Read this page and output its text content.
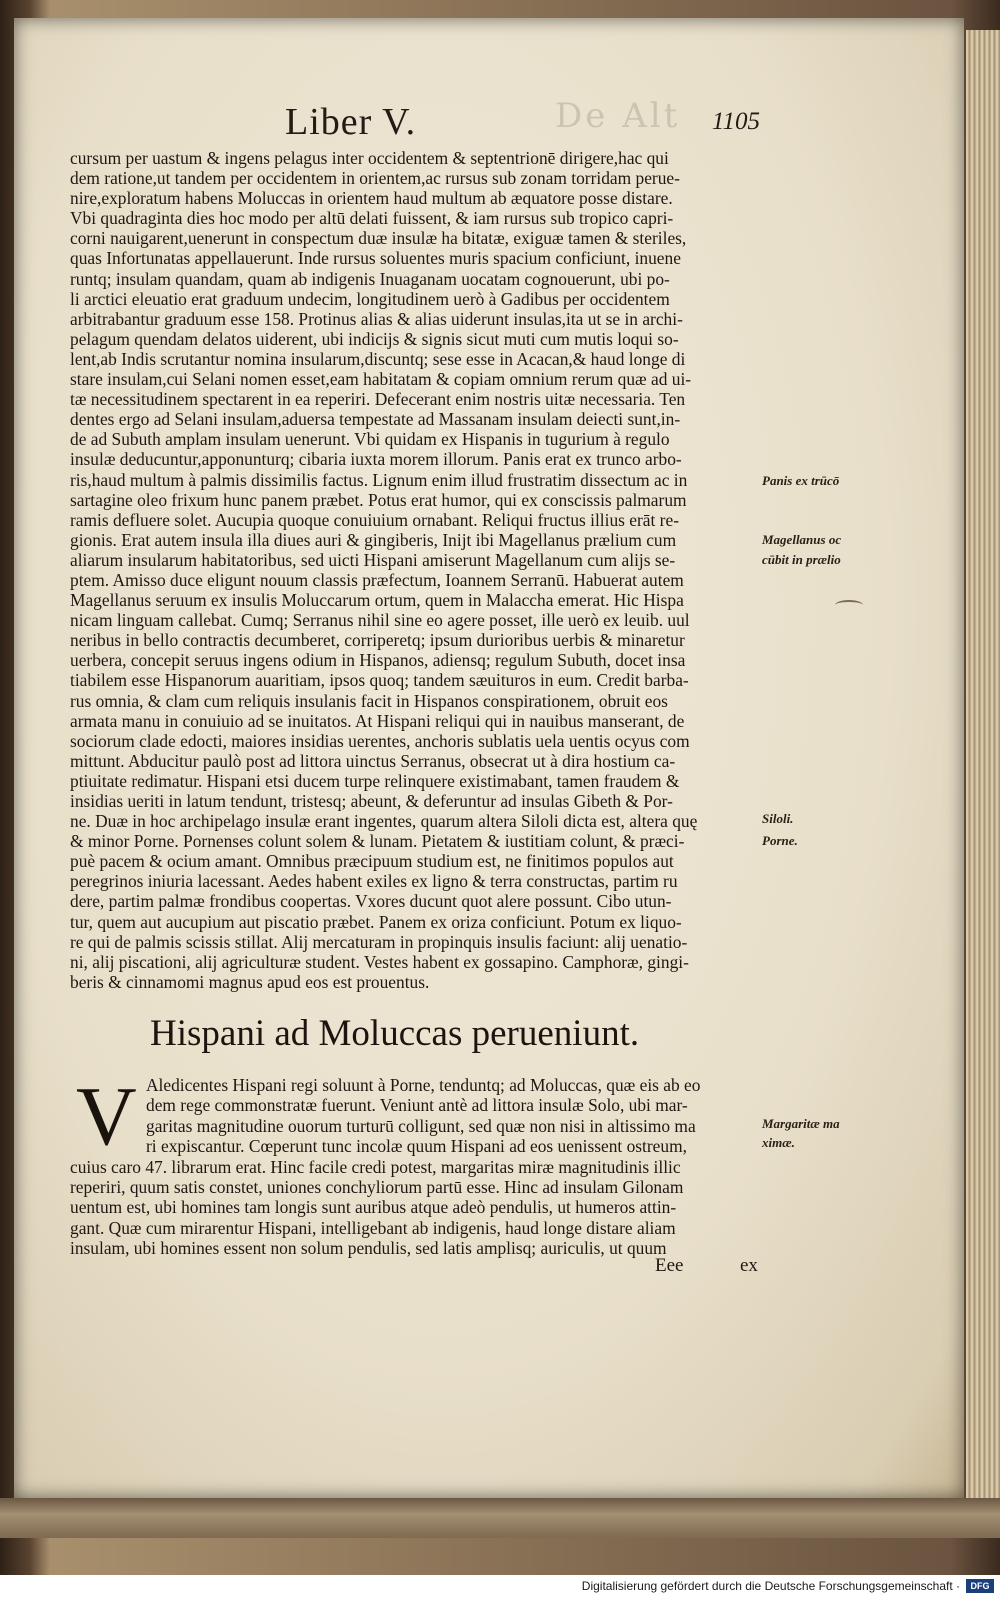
De Alt
Liber V.	1105
cursum per uastum & ingens pelagus inter occidentem & septentrionē dirigere,hac qui
dem ratione,ut tandem per occidentem in orientem,ac rursus sub zonam torridam perue-
nire,exploratum habens Moluccas in orientem haud multum ab æquatore posse distare.
Vbi quadraginta dies hoc modo per altū delati fuissent, & iam rursus sub tropico capri-
corni nauigarent,uenerunt in conspectum duæ insulæ ha bitatæ, exiguæ tamen & steriles,
quas Infortunatas appellauerunt. Inde rursus soluentes muris spacium conficiunt, inuene
runtq; insulam quandam, quam ab indigenis Inuaganam uocatam cognouerunt, ubi po-
li arctici eleuatio erat graduum undecim, longitudinem uerò à Gadibus per occidentem
arbitrabantur graduum esse 158. Protinus alias & alias uiderunt insulas,ita ut se in archi-
pelagum quendam delatos uiderent, ubi indicijs & signis sicut muti cum mutis loqui so-
lent,ab Indis scrutantur nomina insularum,discuntq; sese esse in Acacan,& haud longe di
stare insulam,cui Selani nomen esset,eam habitatam & copiam omnium rerum quæ ad ui-
tæ necessitudinem spectarent in ea reperiri. Defecerant enim nostris uitæ necessaria. Ten
dentes ergo ad Selani insulam,aduersa tempestate ad Massanam insulam deiecti sunt,in-
de ad Subuth amplam insulam uenerunt. Vbi quidam ex Hispanis in tugurium à regulo
insulæ deducuntur,apponunturq; cibaria iuxta morem illorum. Panis erat ex trunco arbo-
ris,haud multum à palmis dissimilis factus. Lignum enim illud frustratim dissectum ac in
sartagine oleo frixum hunc panem præbet. Potus erat humor, qui ex conscissis palmarum
ramis defluere solet. Aucupia quoque conuiuium ornabant. Reliqui fructus illius erāt re-
gionis. Erat autem insula illa diues auri & gingiberis, Inijt ibi Magellanus prælium cum
aliarum insularum habitatoribus, sed uicti Hispani amiserunt Magellanum cum alijs se-
ptem. Amisso duce eligunt nouum classis præfectum, Ioannem Serranū. Habuerat autem
Magellanus seruum ex insulis Moluccarum ortum, quem in Malaccha emerat. Hic Hispa
nicam linguam callebat. Cumq; Serranus nihil sine eo agere posset, ille uerò ex leuib. uul
neribus in bello contractis decumberet, corriperetq; ipsum durioribus uerbis & minaretur
uerbera, concepit seruus ingens odium in Hispanos, adiensq; regulum Subuth, docet insa
tiabilem esse Hispanorum auaritiam, ipsos quoq; tandem sæuituros in eum. Credit barba-
rus omnia, & clam cum reliquis insulanis facit in Hispanos conspirationem, obruit eos
armata manu in conuiuio ad se inuitatos. At Hispani reliqui qui in nauibus manserant, de
sociorum clade edocti, maiores insidias uerentes, anchoris sublatis uela uentis ocyus com
mittunt. Abducitur paulò post ad littora uinctus Serranus, obsecrat ut à dira hostium ca-
ptiuitate redimatur. Hispani etsi ducem turpe relinquere existimabant, tamen fraudem &
insidias ueriti in latum tendunt, tristesq; abeunt, & deferuntur ad insulas Gibeth & Por-
ne. Duæ in hoc archipelago insulæ erant ingentes, quarum altera Siloli dicta est, altera quę
& minor Porne. Pornenses colunt solem & lunam. Pietatem & iustitiam colunt, & præci-
puè pacem & ocium amant. Omnibus præcipuum studium est, ne finitimos populos aut
peregrinos iniuria lacessant. Aedes habent exiles ex ligno & terra constructas, partim ru
dere, partim palmæ frondibus coopertas. Vxores ducunt quot alere possunt. Cibo utun-
tur, quem aut aucupium aut piscatio præbet. Panem ex oriza conficiunt. Potum ex liquo-
re qui de palmis scissis stillat. Alij mercaturam in propinquis insulis faciunt: alij uenatio-
ni, alij piscationi, alij agriculturæ student. Vestes habent ex gossapino. Camphoræ, gingi-
beris & cinnamomi magnus apud eos est prouentus.
Panis ex trūcō
Magellanus oc
cūbit in prælio
Siloli.
Porne.
Hispani ad Moluccas perueniunt.
V Aledicentes Hispani regi soluunt à Porne, tenduntq; ad Moluccas, quæ eis ab eo
dem rege commonstratæ fuerunt. Veniunt antè ad littora insulæ Solo, ubi mar-
garitas magnitudine ouorum turturū colligunt, sed quæ non nisi in altissimo ma
ri expiscantur. Cœperunt tunc incolæ quum Hispani ad eos uenissent ostreum,
cuius caro 47. librarum erat. Hinc facile credi potest, margaritas miræ magnitudinis illic
reperiri, quum satis constet, uniones conchyliorum partū esse. Hinc ad insulam Gilonam
uentum est, ubi homines tam longis sunt auribus atque adeò pendulis, ut humeros attin-
gant. Quæ cum mirarentur Hispani, intelligebant ab indigenis, haud longe distare aliam
insulam, ubi homines essent non solum pendulis, sed latis amplisq; auriculis, ut quum
Margaritæ ma
ximæ.
Eee	ex
Digitalisierung gefördert durch die Deutsche Forschungsgemeinschaft ·	DFG
